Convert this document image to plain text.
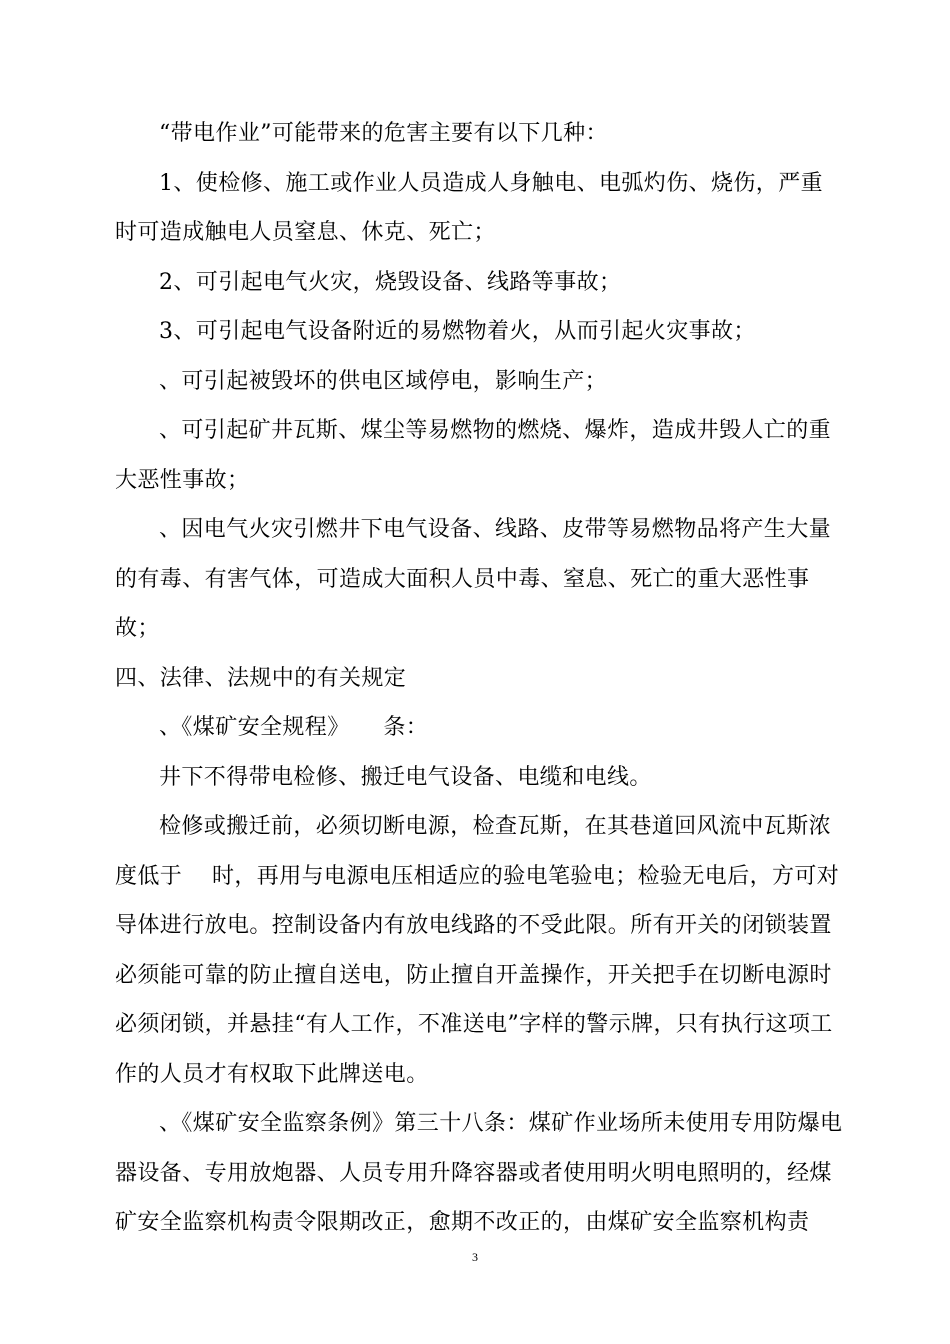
“带电作业”可能带来的危害主要有以下几种：

1、使检修、施工或作业人员造成人身触电、电弧灼伤、烧伤，严重时可造成触电人员窒息、休克、死亡；

2、可引起电气火灾，烧毁设备、线路等事故；

3、可引起电气设备附近的易燃物着火，从而引起火灾事故；

、可引起被毁坏的供电区域停电，影响生产；

、可引起矿井瓦斯、煤尘等易燃物的燃烧、爆炸，造成井毁人亡的重大恶性事故；

、因电气火灾引燃井下电气设备、线路、皮带等易燃物品将产生大量的有毒、有害气体，可造成大面积人员中毒、窒息、死亡的重大恶性事故；

四、法律、法规中的有关规定

、《煤矿安全规程》　　条：

井下不得带电检修、搬迁电气设备、电缆和电线。

检修或搬迁前，必须切断电源，检查瓦斯，在其巷道回风流中瓦斯浓度低于　 时，再用与电源电压相适应的验电笔验电；检验无电后，方可对导体进行放电。控制设备内有放电线路的不受此限。所有开关的闭锁装置必须能可靠的防止擅自送电，防止擅自开盖操作，开关把手在切断电源时必须闭锁，并悬挂“有人工作，不准送电”字样的警示牌，只有执行这项工作的人员才有权取下此牌送电。

、《煤矿安全监察条例》第三十八条：煤矿作业场所未使用专用防爆电器设备、专用放炮器、人员专用升降容器或者使用明火明电照明的，经煤矿安全监察机构责令限期改正，愈期不改正的，由煤矿安全监察机构责

3
